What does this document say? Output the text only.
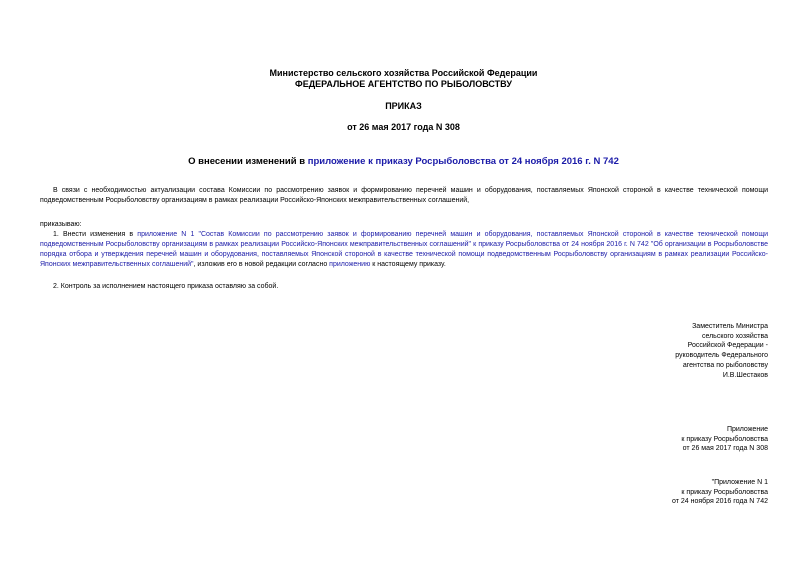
Министерство сельского хозяйства Российской Федерации
ФЕДЕРАЛЬНОЕ АГЕНТСТВО ПО РЫБОЛОВСТВУ
ПРИКАЗ
от 26 мая 2017 года N 308
О внесении изменений в приложение к приказу Росрыболовства от 24 ноября 2016 г. N 742
В связи с необходимостью актуализации состава Комиссии по рассмотрению заявок и формированию перечней машин и оборудования, поставляемых Японской стороной в качестве технической помощи подведомственным Росрыболовству организациям в рамках реализации Российско-Японских межправительственных соглашений,
приказываю:
1. Внести изменения в приложение N 1 "Состав Комиссии по рассмотрению заявок и формированию перечней машин и оборудования, поставляемых Японской стороной в качестве технической помощи подведомственным Росрыболовству организациям в рамках реализации Российско-Японских межправительственных соглашений" к приказу Росрыболовства от 24 ноября 2016 г. N 742 "Об организации в Росрыболовстве порядка отбора и утверждения перечней машин и оборудования, поставляемых Японской стороной в качестве технической помощи подведомственным Росрыболовству организациям в рамках реализации Российско-Японских межправительственных соглашений", изложив его в новой редакции согласно приложению к настоящему приказу.
2. Контроль за исполнением настоящего приказа оставляю за собой.
Заместитель Министра
сельского хозяйства
Российской Федерации -
руководитель Федерального
агентства по рыболовству
И.В.Шестаков
Приложение
к приказу Росрыболовства
от 26 мая 2017 года N 308
"Приложение N 1
к приказу Росрыболовства
от 24 ноября 2016 года N 742
